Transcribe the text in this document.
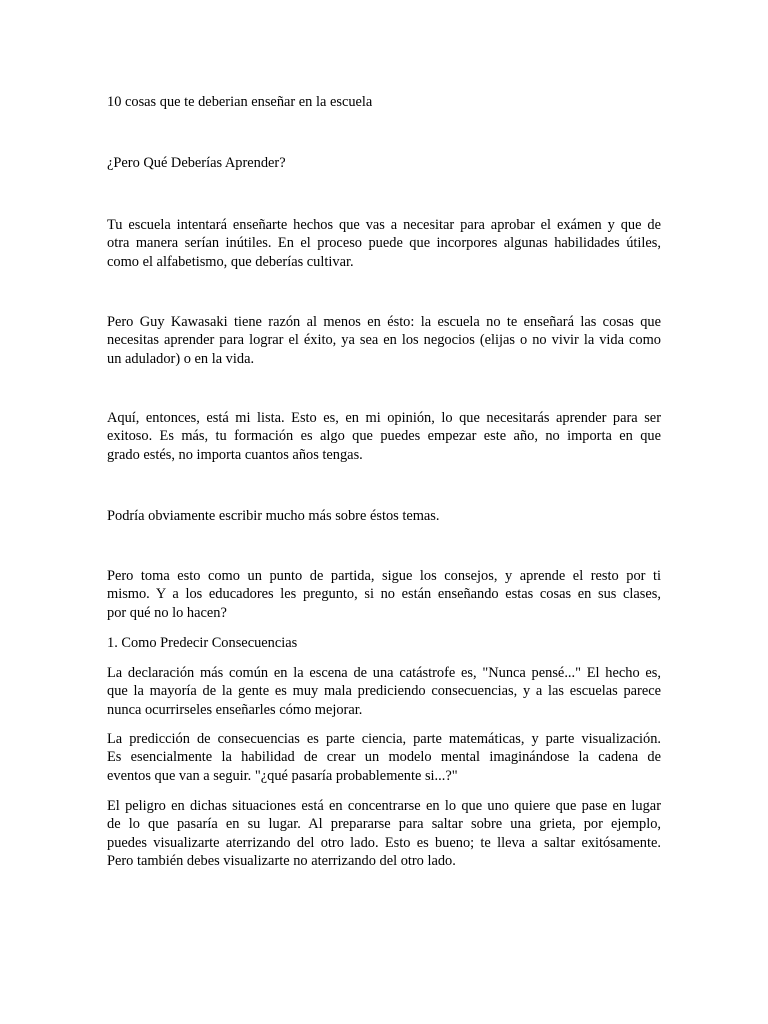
10 cosas que te deberian enseñar en la escuela
¿Pero Qué Deberías Aprender?
Tu escuela intentará enseñarte hechos que vas a necesitar para aprobar el exámen y que de
otra manera serían inútiles. En el proceso puede que incorpores algunas habilidades útiles,
como el alfabetismo, que deberías cultivar.
Pero Guy Kawasaki tiene razón al menos en ésto: la escuela no te enseñará las cosas que
necesitas aprender para lograr el éxito, ya sea en los negocios (elijas o no vivir la vida como
un adulador) o en la vida.
Aquí, entonces, está mi lista. Esto es, en mi opinión, lo que necesitarás aprender para ser
exitoso. Es más, tu formación es algo que puedes empezar este año, no importa en que
grado estés, no importa cuantos años tengas.
Podría obviamente escribir mucho más sobre éstos temas.
Pero toma esto como un punto de partida, sigue los consejos, y aprende el resto por ti
mismo. Y a los educadores les pregunto, si no están enseñando estas cosas en sus clases,
por qué no lo hacen?
1. Como Predecir Consecuencias
La declaración más común en la escena de una catástrofe es, "Nunca pensé..." El hecho es,
que la mayoría de la gente es muy mala prediciendo consecuencias, y a las escuelas parece
nunca ocurrirseles enseñarles cómo mejorar.
La predicción de consecuencias es parte ciencia, parte matemáticas, y parte visualización.
Es esencialmente la habilidad de crear un modelo mental imaginándose la cadena de
eventos que van a seguir. "¿qué pasaría probablemente si...?"
El peligro en dichas situaciones está en concentrarse en lo que uno quiere que pase en lugar
de lo que pasaría en su lugar. Al prepararse para saltar sobre una grieta, por ejemplo,
puedes visualizarte aterrizando del otro lado. Esto es bueno; te lleva a saltar exitósamente.
Pero también debes visualizarte no aterrizando del otro lado.
